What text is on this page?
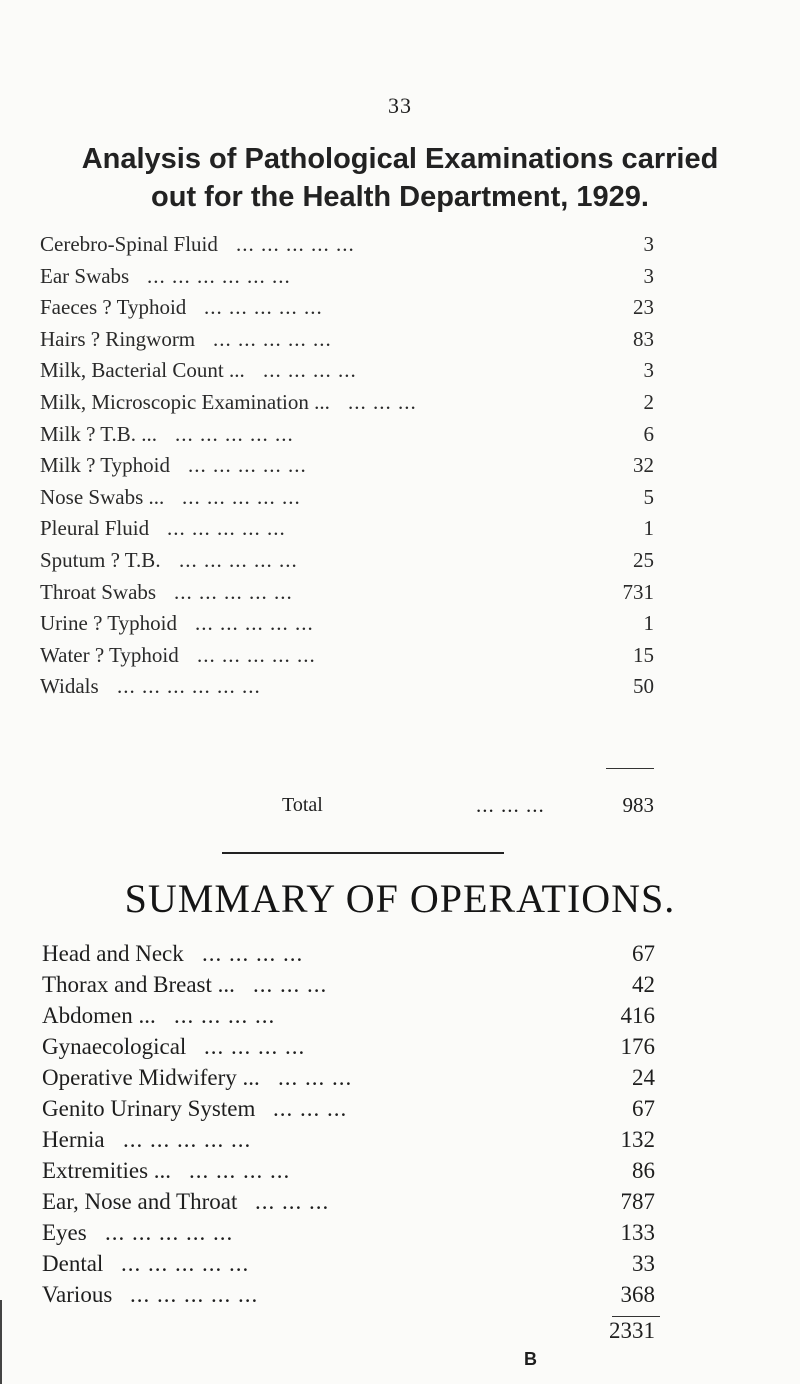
33
Analysis of Pathological Examinations carried
out for the Health Department, 1929.
Cerebro-Spinal Fluid ... ... ... ... ...	3
Ear Swabs ... ... ... ... ... ...	3
Faeces ? Typhoid ... ... ... ... ...	23
Hairs ? Ringworm ... ... ... ... ...	83
Milk, Bacterial Count ... ... ... ... ...	3
Milk, Microscopic Examination ... ... ... ...	2
Milk ? T.B. ... ... ... ... ... ...	6
Milk ? Typhoid ... ... ... ... ...	32
Nose Swabs ... ... ... ... ... ...	5
Pleural Fluid ... ... ... ... ...	1
Sputum ? T.B. ... ... ... ... ...	25
Throat Swabs ... ... ... ... ...	731
Urine ? Typhoid ... ... ... ... ...	1
Water ? Typhoid ... ... ... ... ...	15
Widals ... ... ... ... ... ...	50
Total	... ... ...	983
SUMMARY OF OPERATIONS.
Head and Neck ... ... ... ...	67
Thorax and Breast ... ... ... ...	42
Abdomen ... ... ... ... ...	416
Gynaecological ... ... ... ...	176
Operative Midwifery ... ... ... ...	24
Genito Urinary System ... ... ...	67
Hernia ... ... ... ... ...	132
Extremities ... ... ... ... ...	86
Ear, Nose and Throat ... ... ...	787
Eyes ... ... ... ... ...	133
Dental ... ... ... ... ...	33
Various ... ... ... ... ...	368
2331
B
